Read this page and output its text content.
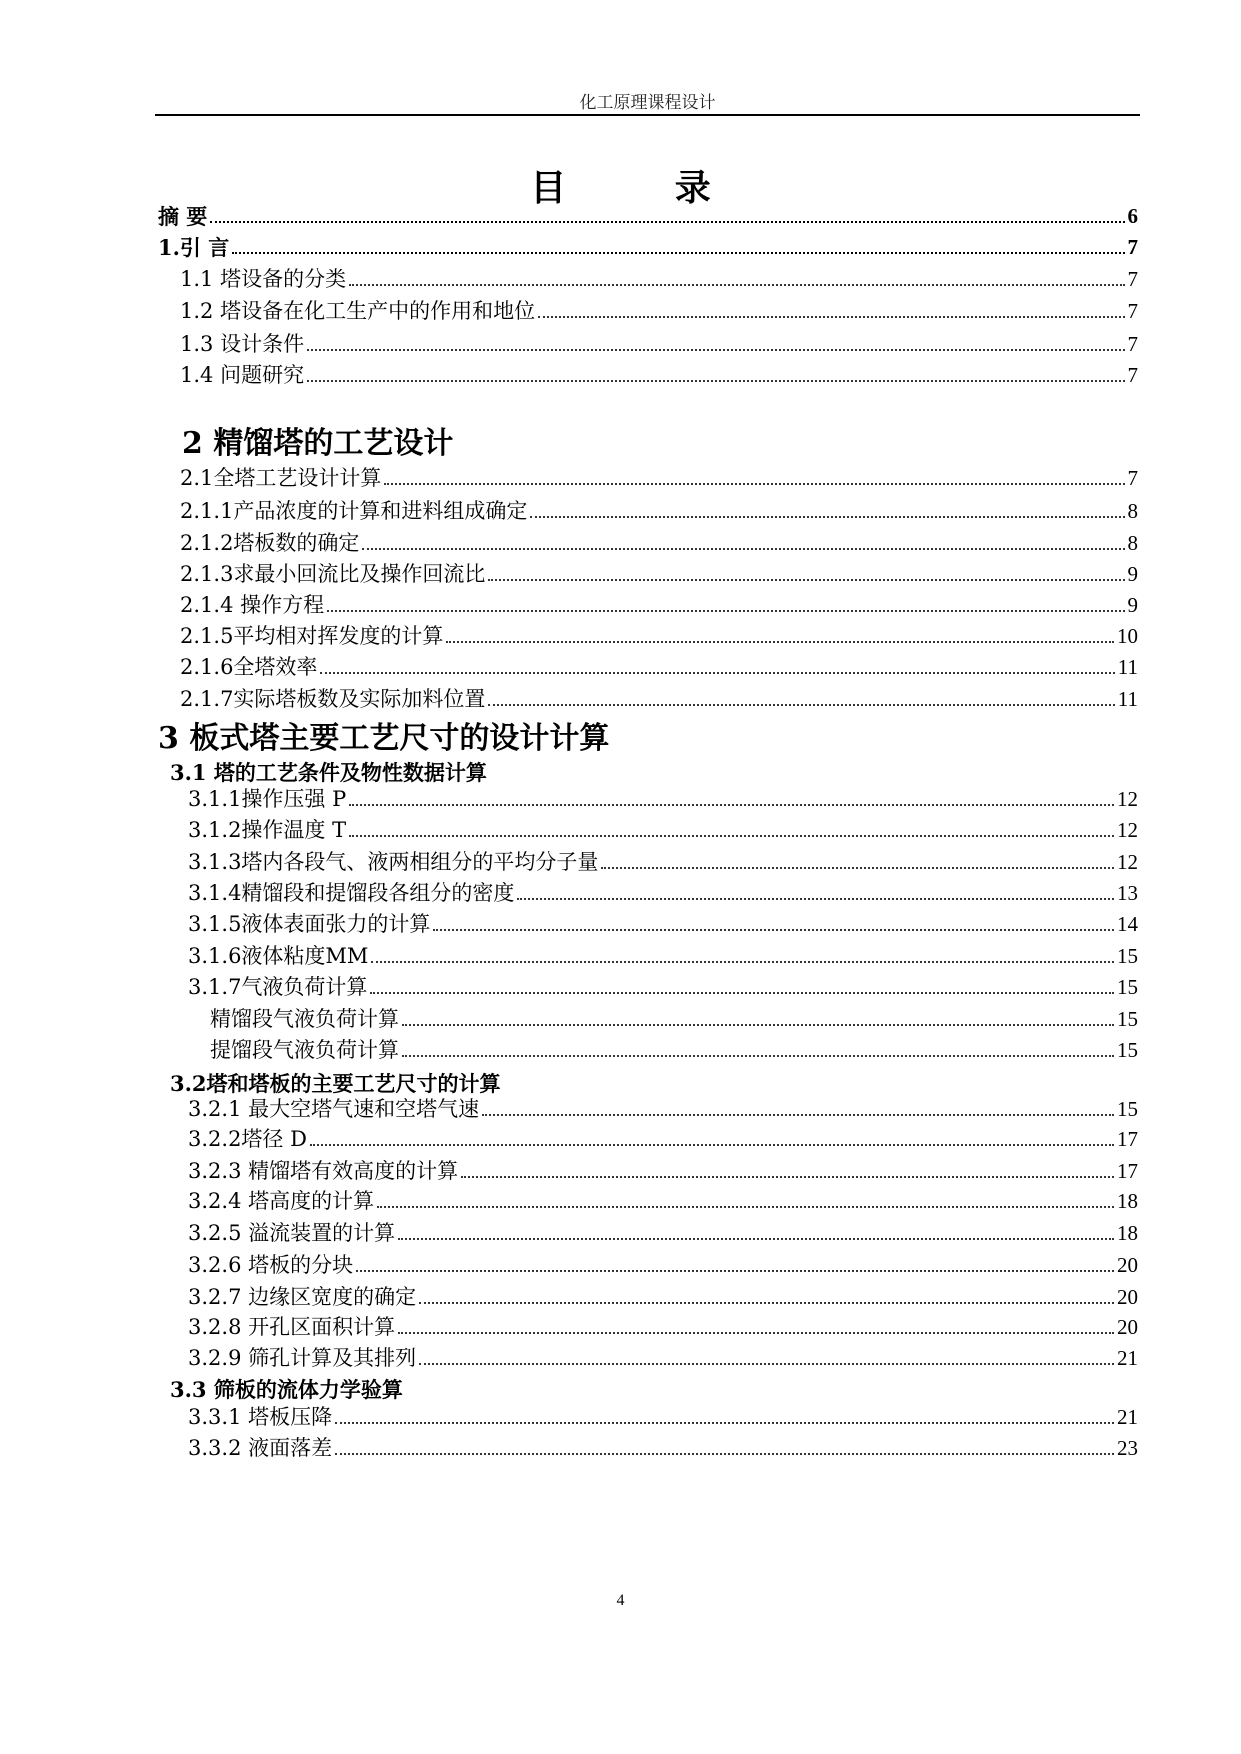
化工原理课程设计
目 录
摘 要	6
1.引 言	7
1.1 塔设备的分类	7
1.2 塔设备在化工生产中的作用和地位	7
1.3 设计条件	7
1.4 问题研究	7
2 精馏塔的工艺设计
2.1全塔工艺设计计算	7
2.1.1产品浓度的计算和进料组成确定	8
2.1.2塔板数的确定	8
2.1.3求最小回流比及操作回流比	9
2.1.4 操作方程	9
2.1.5平均相对挥发度的计算	10
2.1.6全塔效率	11
2.1.7实际塔板数及实际加料位置	11
3 板式塔主要工艺尺寸的设计计算
3.1 塔的工艺条件及物性数据计算
3.1.1操作压强 P	12
3.1.2操作温度 T	12
3.1.3塔内各段气、液两相组分的平均分子量	12
3.1.4精馏段和提馏段各组分的密度	13
3.1.5液体表面张力的计算	14
3.1.6液体粘度MM	15
3.1.7气液负荷计算	15
精馏段气液负荷计算	15
提馏段气液负荷计算	15
3.2塔和塔板的主要工艺尺寸的计算
3.2.1 最大空塔气速和空塔气速	15
3.2.2塔径 D	17
3.2.3 精馏塔有效高度的计算	17
3.2.4 塔高度的计算	18
3.2.5 溢流装置的计算	18
3.2.6 塔板的分块	20
3.2.7 边缘区宽度的确定	20
3.2.8 开孔区面积计算	20
3.2.9 筛孔计算及其排列	21
3.3 筛板的流体力学验算
3.3.1 塔板压降	21
3.3.2 液面落差	23
4
